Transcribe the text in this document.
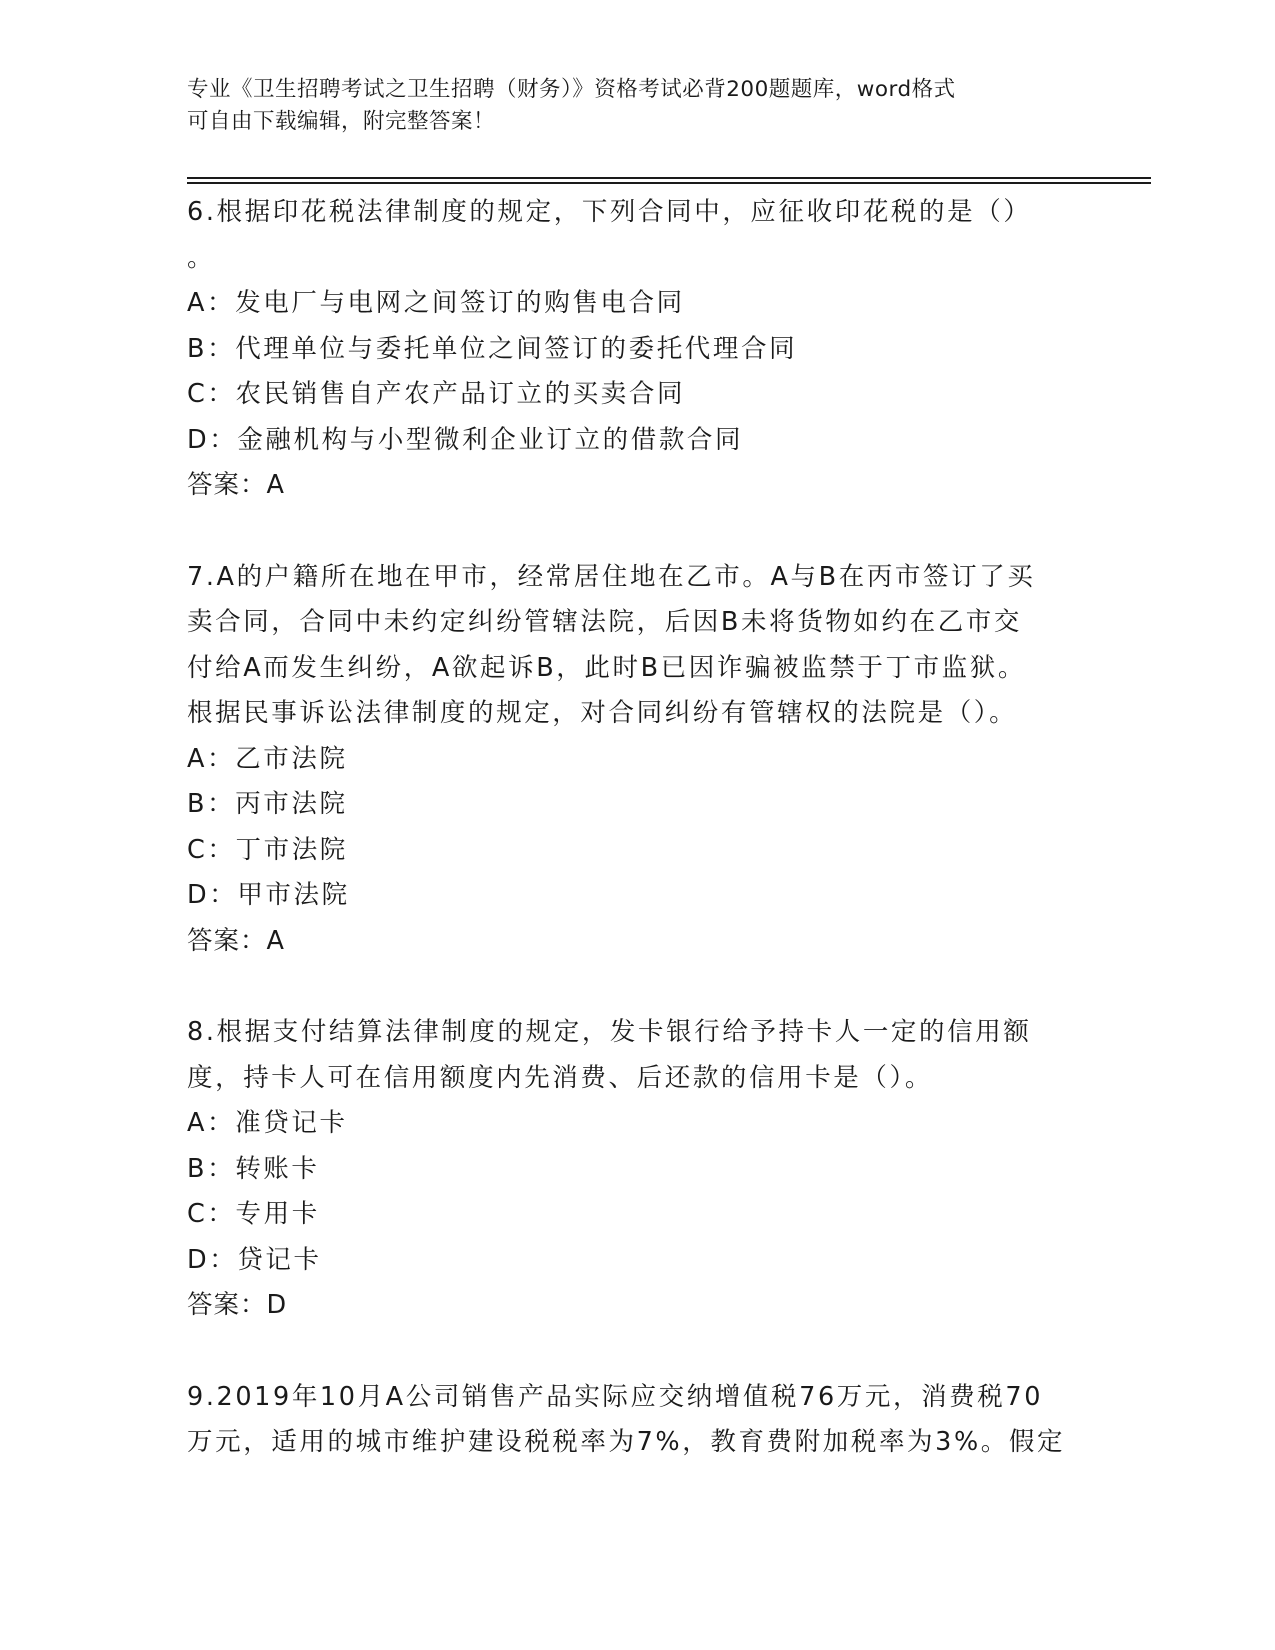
专业《卫生招聘考试之卫生招聘（财务）》资格考试必背200题题库，word格式
可自由下载编辑，附完整答案！
6.根据印花税法律制度的规定，下列合同中，应征收印花税的是（）
。
A：发电厂与电网之间签订的购售电合同
B：代理单位与委托单位之间签订的委托代理合同
C：农民销售自产农产品订立的买卖合同
D：金融机构与小型微利企业订立的借款合同
答案：A
7.A的户籍所在地在甲市，经常居住地在乙市。A与B在丙市签订了买
卖合同，合同中未约定纠纷管辖法院，后因B未将货物如约在乙市交
付给A而发生纠纷，A欲起诉B，此时B已因诈骗被监禁于丁市监狱。
根据民事诉讼法律制度的规定，对合同纠纷有管辖权的法院是（）。
A：乙市法院
B：丙市法院
C：丁市法院
D：甲市法院
答案：A
8.根据支付结算法律制度的规定，发卡银行给予持卡人一定的信用额
度，持卡人可在信用额度内先消费、后还款的信用卡是（）。
A：准贷记卡
B：转账卡
C：专用卡
D：贷记卡
答案：D
9.2019年10月A公司销售产品实际应交纳增值税76万元，消费税70
万元，适用的城市维护建设税税率为7%，教育费附加税率为3%。假定
